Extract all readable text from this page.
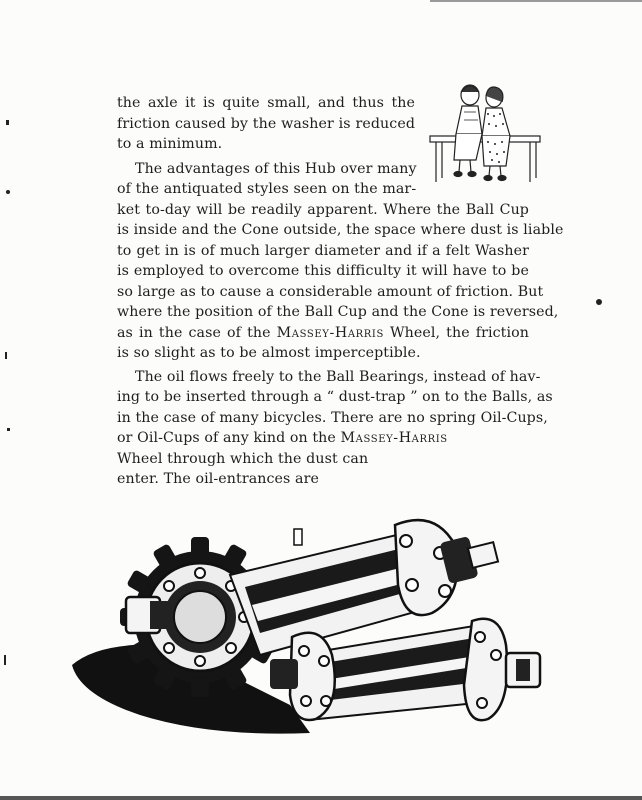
the axle it is quite small, and thus the
friction caused by the washer is reduced
to a minimum.
The advantages of this Hub over many
of the antiquated styles seen on the mar-
ket to-day will be readily apparent. Where the Ball Cup
is inside and the Cone outside, the space where dust is liable
to get in is of much larger diameter and if a felt Washer
is employed to overcome this difficulty it will have to be
so large as to cause a considerable amount of friction. But
where the position of the Ball Cup and the Cone is reversed,
as in the case of the Massey-Harris Wheel, the friction
is so slight as to be almost imperceptible.
The oil flows freely to the Ball Bearings, instead of hav-
ing to be inserted through a “ dust-trap ” on to the Balls, as
in the case of many bicycles. There are no spring Oil-Cups,
or Oil-Cups of any kind on the Massey-Harris
Wheel through which the dust can
enter. The oil-entrances are
